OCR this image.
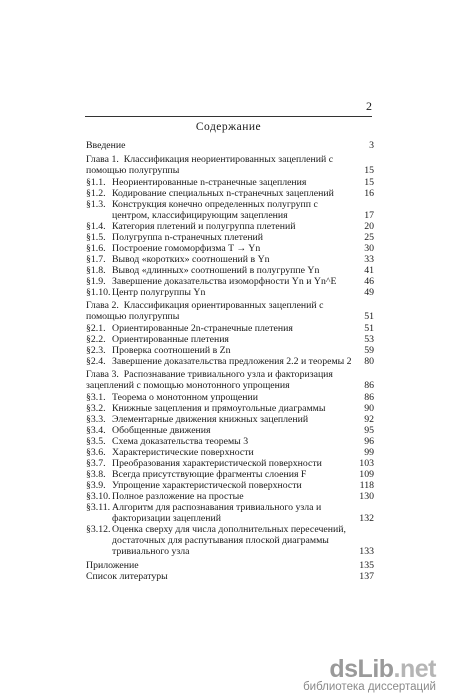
2
Содержание
Введение	3
Глава 1.  Классификация неориентированных зацеплений с помощью полугруппы	15
§1.1. Неориентированные n-странечные зацепления	15
§1.2. Кодирование специальных n-странечных зацеплений	16
§1.3. Конструкция конечно определенных полугрупп с центром, классифицирующим зацепления	17
§1.4. Категория плетений и полугруппа плетений	20
§1.5. Полугруппа n-странечных плетений	25
§1.6. Построение гомоморфизма T → Yn	30
§1.7. Вывод «коротких» соотношений в Yn	33
§1.8. Вывод «длинных» соотношений в полугруппе Yn	41
§1.9. Завершение доказательства изоморфности Yn и Yn^E	46
§1.10. Центр полугруппы Yn	49
Глава 2.  Классификация ориентированных зацеплений с помощью полугруппы	51
§2.1. Ориентированные 2n-странечные плетения	51
§2.2. Ориентированные плетения	53
§2.3. Проверка соотношений в Zn	59
§2.4. Завершение доказательства предложения 2.2 и теоремы 2	80
Глава 3.  Распознавание тривиального узла и факторизация зацеплений с помощью монотонного упрощения	86
§3.1. Теорема о монотонном упрощении	86
§3.2. Книжные зацепления и прямоугольные диаграммы	90
§3.3. Элементарные движения книжных зацеплений	92
§3.4. Обобщенные движения	95
§3.5. Схема доказательства теоремы 3	96
§3.6. Характеристические поверхности	99
§3.7. Преобразования характеристической поверхности	103
§3.8. Всегда присутствующие фрагменты слоения F	109
§3.9. Упрощение характеристической поверхности	118
§3.10. Полное разложение на простые	130
§3.11. Алгоритм для распознавания тривиального узла и факторизации зацеплений	132
§3.12. Оценка сверху для числа дополнительных пересечений, достаточных для распутывания плоской диаграммы тривиального узла	133
Приложение	135
Список литературы	137
dsLib.net
библиотека диссертаций
